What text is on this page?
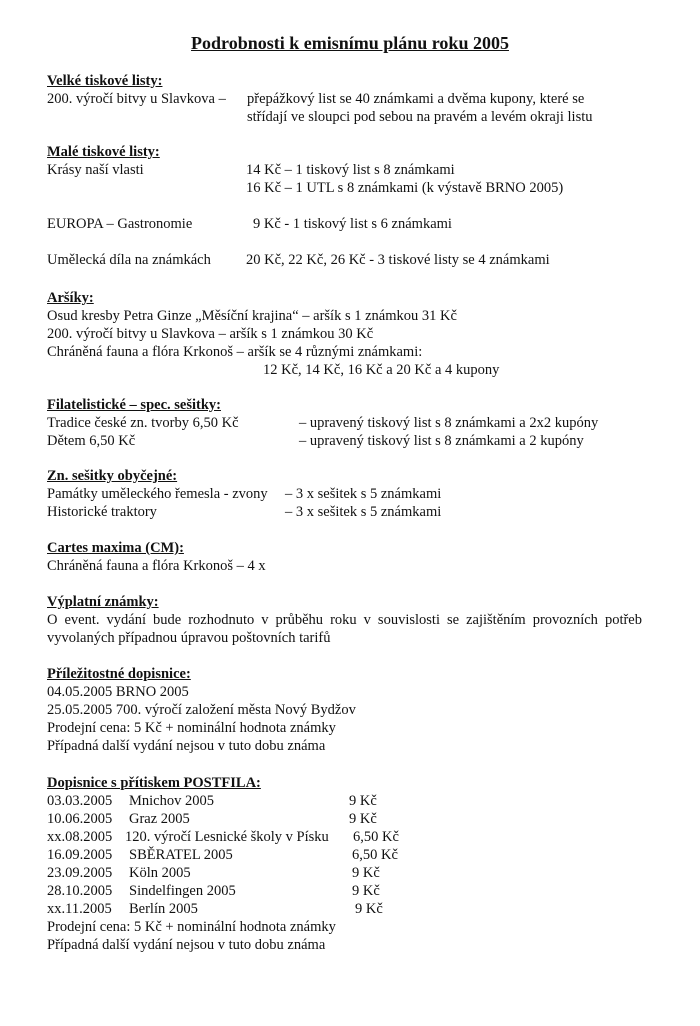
Podrobnosti k emisnímu plánu roku 2005
Velké tiskové listy:
200. výročí bitvy u Slavkova – přepážkový list se 40 známkami a dvěma kupony, které se
střídají ve sloupci pod sebou na pravém a levém okraji listu
Malé tiskové listy:
Krásy naší vlasti	14 Kč – 1 tiskový list s 8 známkami
16 Kč – 1 UTL s 8 známkami (k výstavě BRNO 2005)
EUROPA – Gastronomie	9 Kč - 1 tiskový list s 6 známkami
Umělecká díla na známkách 20 Kč, 22 Kč, 26 Kč - 3 tiskové listy se 4 známkami
Aršíky:
Osud kresby Petra Ginze „Měsíční krajina“ – aršík s 1 známkou 31 Kč
200. výročí bitvy u Slavkova – aršík s 1 známkou 30 Kč
Chráněná fauna a flóra Krkonoš – aršík se 4 různými známkami:
12 Kč, 14 Kč, 16 Kč a 20 Kč a 4 kupony
Filatelistické – spec. sešitky:
Tradice české zn. tvorby 6,50 Kč	– upravený tiskový list s 8 známkami a 2x2 kupóny
Dětem 6,50 Kč	– upravený tiskový list s 8 známkami a 2 kupóny
Zn. sešitky obyčejné:
Památky uměleckého řemesla - zvony – 3 x sešitek s 5 známkami
Historické traktory	– 3 x sešitek s 5 známkami
Cartes maxima (CM):
Chráněná fauna a flóra Krkonoš – 4 x
Výplatní známky:
O event. vydání bude rozhodnuto v průběhu roku v souvislosti se zajištěním provozních potřeb vyvolaných případnou úpravou poštovních tarifů
Příležitostné dopisnice:
04.05.2005 BRNO 2005
25.05.2005 700. výročí založení města Nový Bydžov
Prodejní cena: 5 Kč + nominální hodnota známky
Případná další vydání nejsou v tuto dobu známa
Dopisnice s přítiskem POSTFILA:
03.03.2005 Mnichov 2005	9 Kč
10.06.2005 Graz 2005	9 Kč
xx.08.2005 120. výročí Lesnické školy v Písku 6,50 Kč
16.09.2005 SBĚRATEL 2005	6,50 Kč
23.09.2005 Köln 2005	9 Kč
28.10.2005 Sindelfingen 2005	9 Kč
xx.11.2005 Berlín 2005	9 Kč
Prodejní cena: 5 Kč + nominální hodnota známky
Případná další vydání nejsou v tuto dobu známa
